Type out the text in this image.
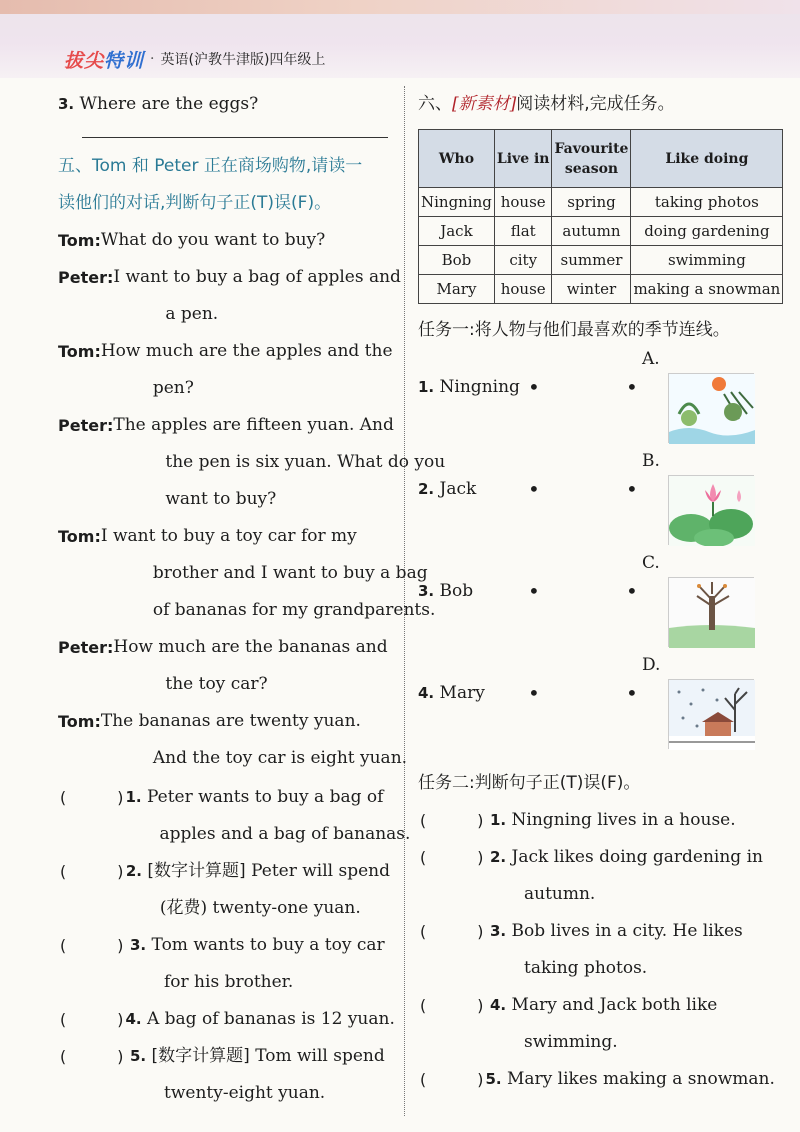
拔尖特训 · 英语(沪教牛津版)四年级上
3. Where are the eggs?
五、Tom 和 Peter 正在商场购物,请读一
读他们的对话,判断句子正(T)误(F)。
Tom: What do you want to buy?
Peter: I want to buy a bag of apples and
a pen.
Tom: How much are the apples and the
pen?
Peter: The apples are fifteen yuan. And
the pen is six yuan. What do you
want to buy?
Tom: I want to buy a toy car for my
brother and I want to buy a bag
of bananas for my grandparents.
Peter: How much are the bananas and
the toy car?
Tom: The bananas are twenty yuan.
And the toy car is eight yuan.
(     ) 1. Peter wants to buy a bag of
apples and a bag of bananas.
(     ) 2. [数字计算题] Peter will spend
(花费) twenty-one yuan.
(     ) 3. Tom wants to buy a toy car
for his brother.
(     ) 4. A bag of bananas is 12 yuan.
(     ) 5. [数字计算题] Tom will spend
twenty-eight yuan.
六、[新素材]阅读材料,完成任务。
Who	Live in	Favourite season	Like doing
Ningning	house	spring	taking photos
Jack	flat	autumn	doing gardening
Bob	city	summer	swimming
Mary	house	winter	making a snowman
任务一:将人物与他们最喜欢的季节连线。
A.
1. Ningning •	•
B.
2. Jack	•	•
C.
3. Bob	•	•
D.
4. Mary •	•
任务二:判断句子正(T)误(F)。
(     ) 1. Ningning lives in a house.
(     ) 2. Jack likes doing gardening in
autumn.
(     ) 3. Bob lives in a city. He likes
taking photos.
(     ) 4. Mary and Jack both like
swimming.
(     ) 5. Mary likes making a snowman.
